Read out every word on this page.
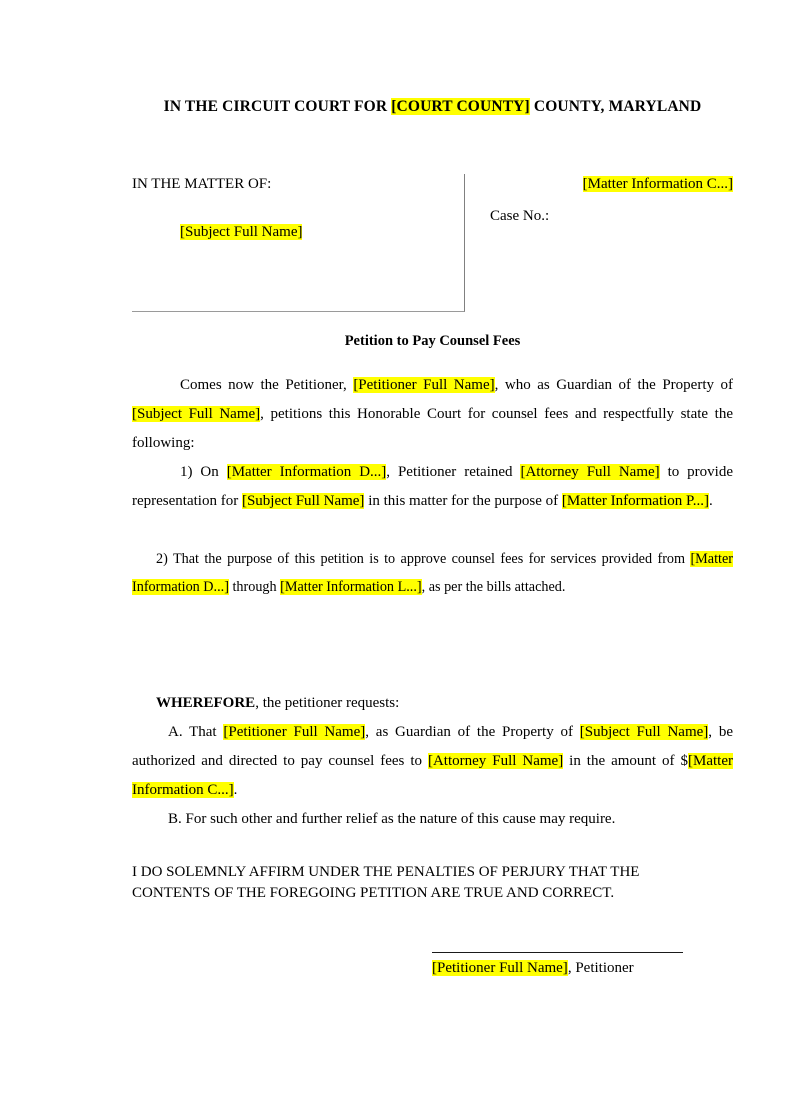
IN THE CIRCUIT COURT FOR [COURT COUNTY] COUNTY, MARYLAND
IN THE MATTER OF:
[Subject Full Name]
[Matter Information C...]
Case No.:
Petition to Pay Counsel Fees
Comes now the Petitioner, [Petitioner Full Name], who as Guardian of the Property of [Subject Full Name], petitions this Honorable Court for counsel fees and respectfully state the following:
1) On [Matter Information D...], Petitioner retained [Attorney Full Name] to provide representation for [Subject Full Name] in this matter for the purpose of [Matter Information P...].
2) That the purpose of this petition is to approve counsel fees for services provided from [Matter Information D...] through [Matter Information L...], as per the bills attached.
WHEREFORE, the petitioner requests:
A. That [Petitioner Full Name], as Guardian of the Property of [Subject Full Name], be authorized and directed to pay counsel fees to [Attorney Full Name] in the amount of $[Matter Information C...].
B. For such other and further relief as the nature of this cause may require.
I DO SOLEMNLY AFFIRM UNDER THE PENALTIES OF PERJURY THAT THE
CONTENTS OF THE FOREGOING PETITION ARE TRUE AND CORRECT.
[Petitioner Full Name], Petitioner
